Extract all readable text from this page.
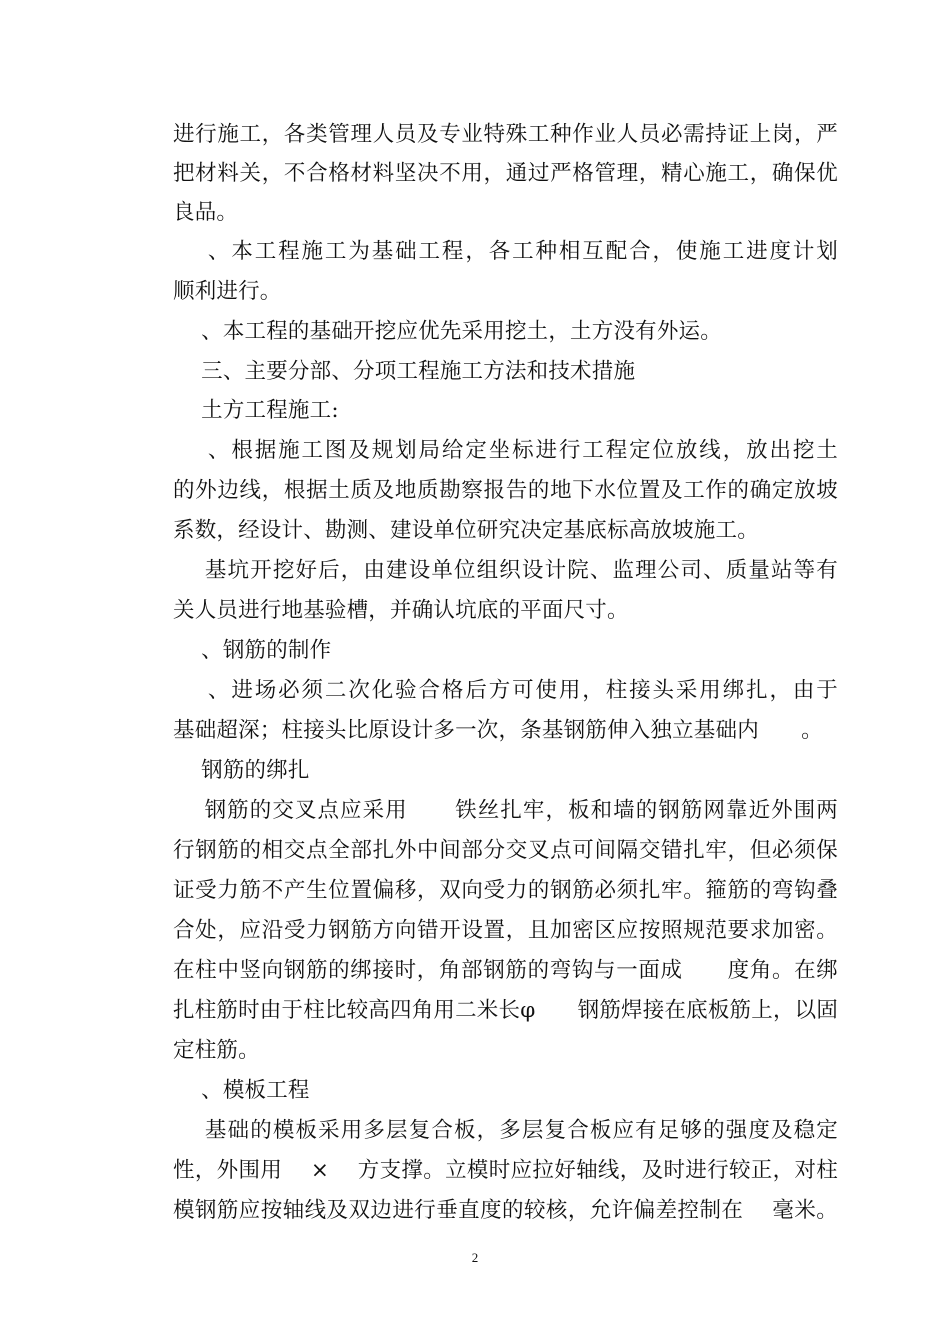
进行施工，各类管理人员及专业特殊工种作业人员必需持证上岗，严
把材料关，不合格材料坚决不用，通过严格管理，精心施工，确保优
良品。
、本工程施工为基础工程，各工种相互配合，使施工进度计划
顺利进行。
、本工程的基础开挖应优先采用挖土，土方没有外运。
三、主要分部、分项工程施工方法和技术措施
土方工程施工:
、根据施工图及规划局给定坐标进行工程定位放线，放出挖土
的外边线，根据土质及地质勘察报告的地下水位置及工作的确定放坡
系数，经设计、勘测、建设单位研究决定基底标高放坡施工。
基坑开挖好后，由建设单位组织设计院、监理公司、质量站等有
关人员进行地基验槽，并确认坑底的平面尺寸。
、钢筋的制作
、进场必须二次化验合格后方可使用，柱接头采用绑扎，由于
基础超深；柱接头比原设计多一次，条基钢筋伸入独立基础内      。
钢筋的绑扎
钢筋的交叉点应采用      铁丝扎牢，板和墙的钢筋网靠近外围两
行钢筋的相交点全部扎外中间部分交叉点可间隔交错扎牢，但必须保
证受力筋不产生位置偏移，双向受力的钢筋必须扎牢。箍筋的弯钩叠
合处，应沿受力钢筋方向错开设置，且加密区应按照规范要求加密。
在柱中竖向钢筋的绑接时，角部钢筋的弯钩与一面成      度角。在绑
扎柱筋时由于柱比较高四角用二米长φ      钢筋焊接在底板筋上，以固
定柱筋。
、模板工程
基础的模板采用多层复合板，多层复合板应有足够的强度及稳定
性，外围用    ×    方支撑。立模时应拉好轴线，及时进行较正，对柱
模钢筋应按轴线及双边进行垂直度的较核，允许偏差控制在    毫米。
2
